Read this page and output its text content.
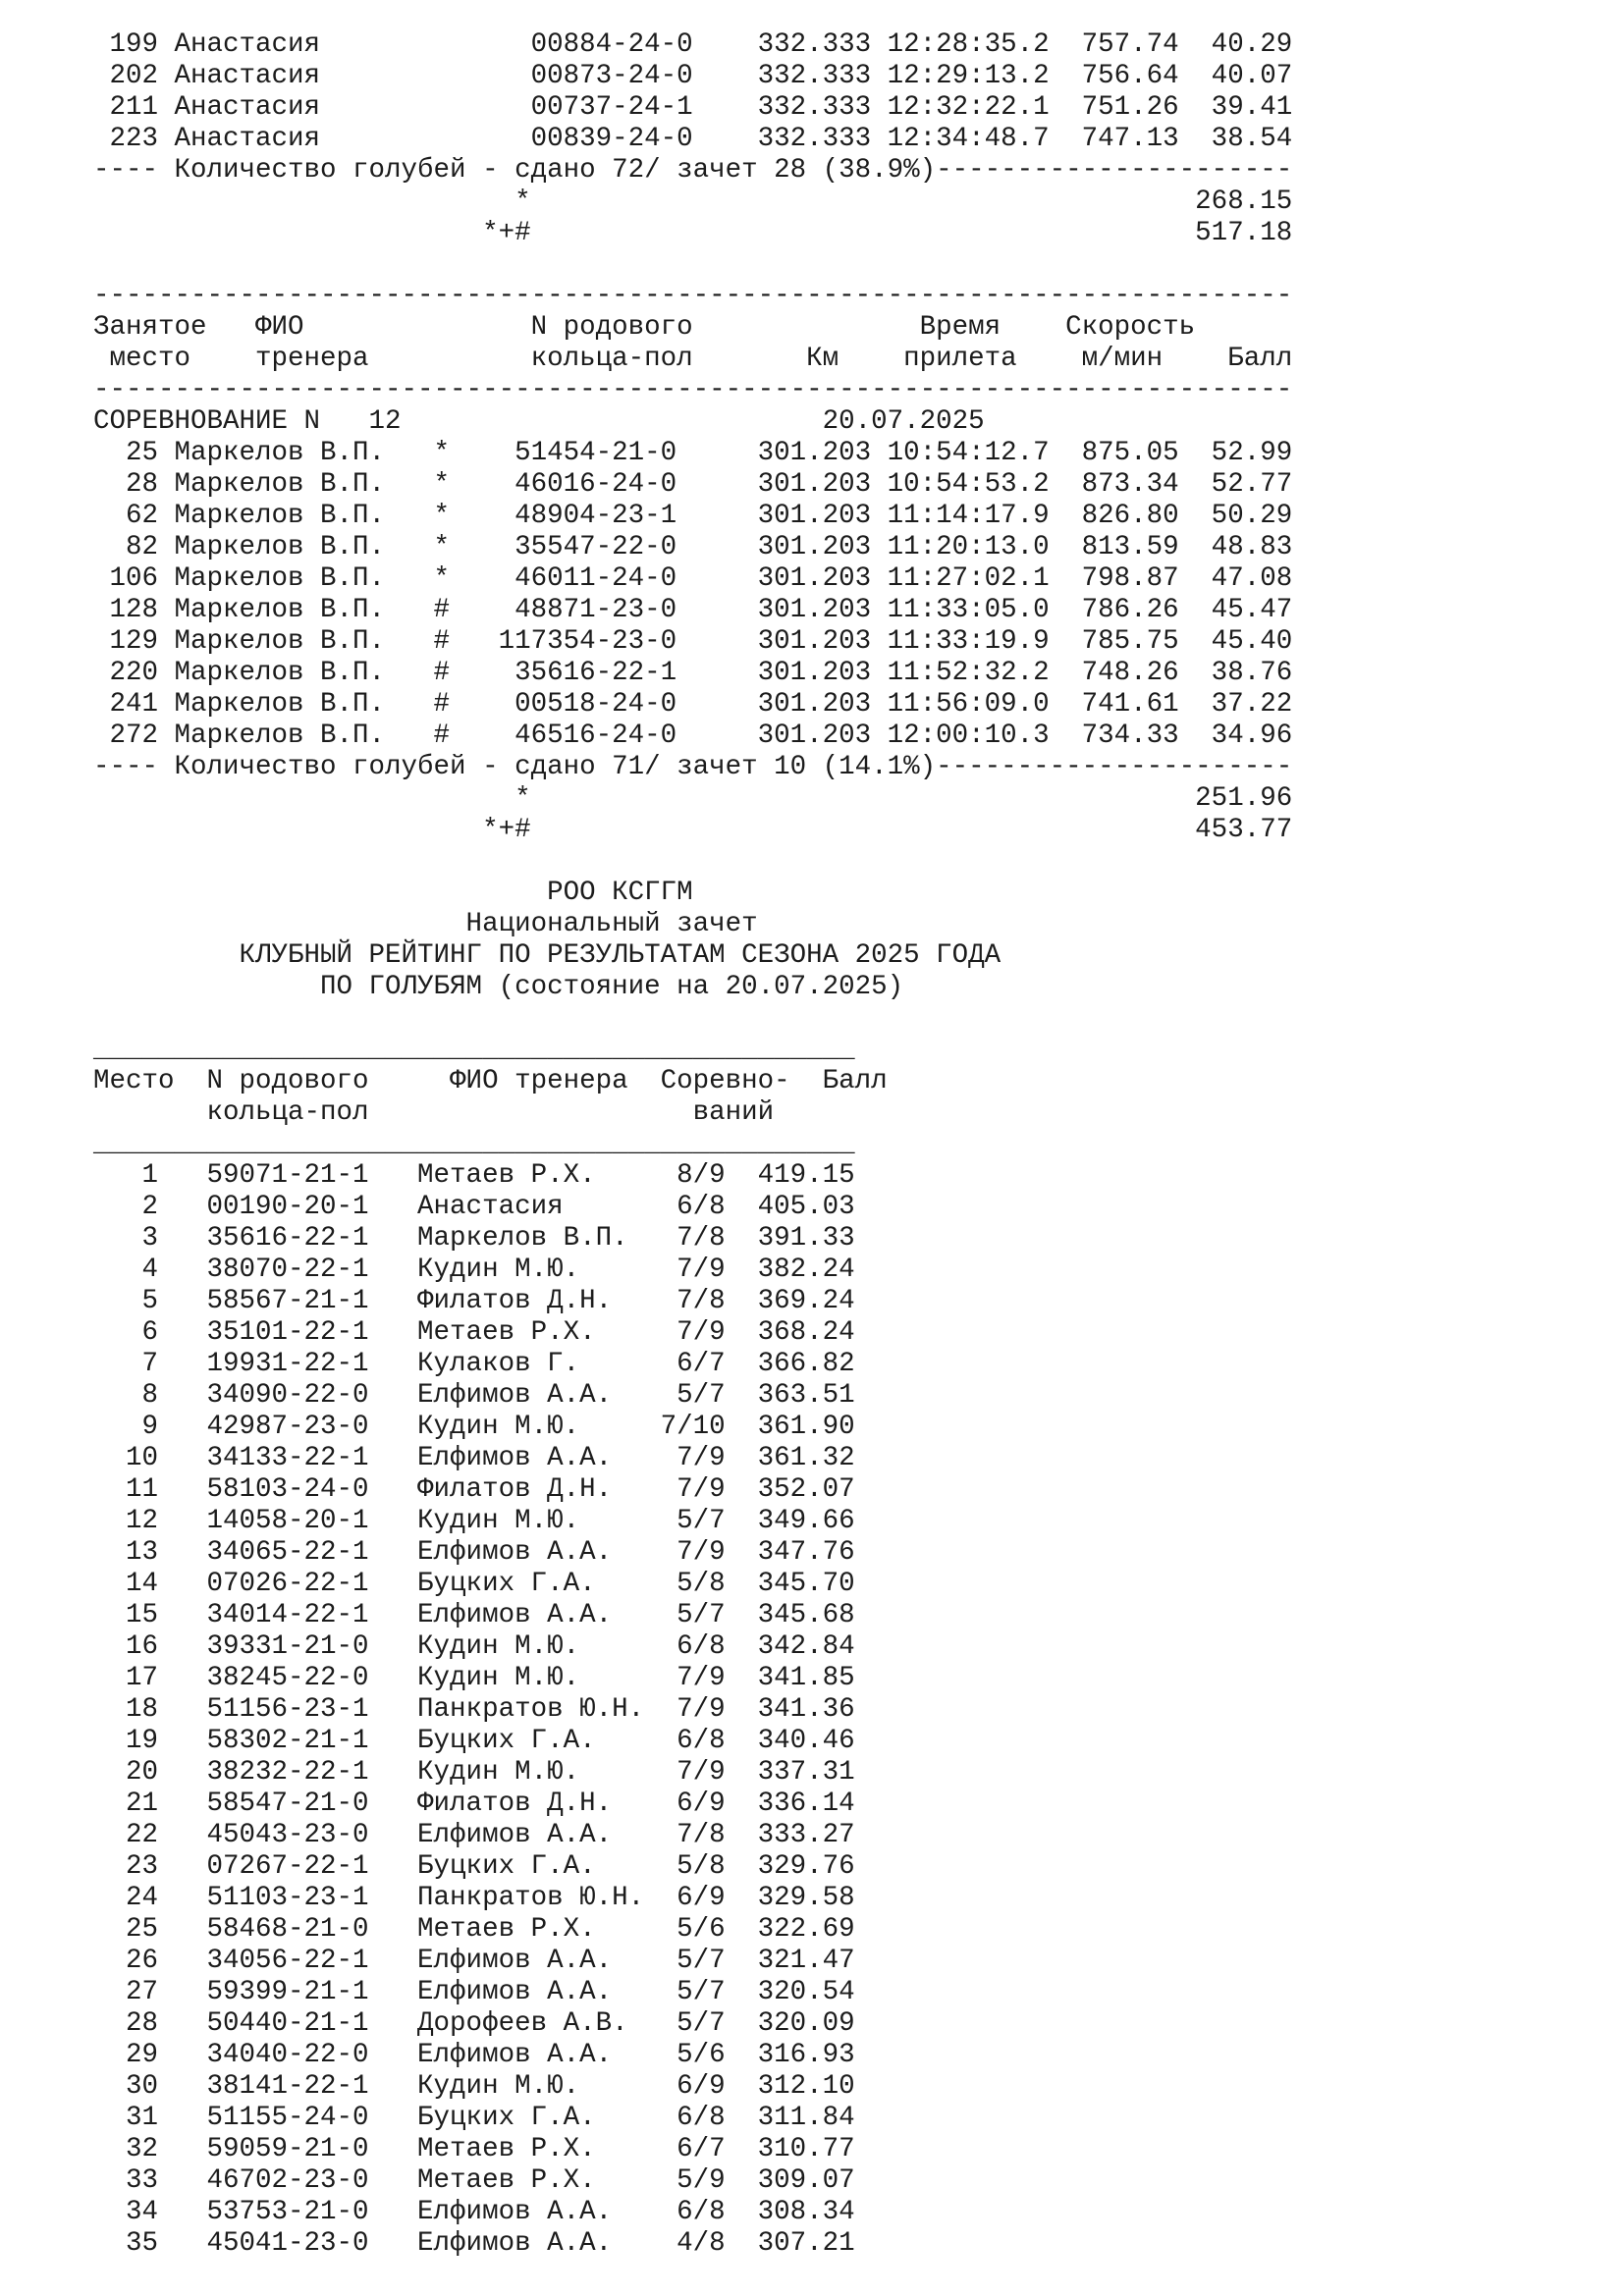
199 Анастасия             00884-24-0    332.333 12:28:35.2  757.74  40.29
202 Анастасия             00873-24-0    332.333 12:29:13.2  756.64  40.07
211 Анастасия             00737-24-1    332.333 12:32:22.1  751.26  39.41
223 Анастасия             00839-24-0    332.333 12:34:48.7  747.13  38.54
---- Количество голубей - сдано 72/ зачет 28 (38.9%)----------------------
*                                         268.15
*+#                                         517.18
--------------------------------------------------------------------------
Занятое   ФИО              N родового              Время    Скорость
место    тренера          кольца-пол       Км    прилета    м/мин    Балл
--------------------------------------------------------------------------
СОРЕВНОВАНИЕ N   12                          20.07.2025
25 Маркелов В.П.   *    51454-21-0     301.203 10:54:12.7  875.05  52.99
28 Маркелов В.П.   *    46016-24-0     301.203 10:54:53.2  873.34  52.77
62 Маркелов В.П.   *    48904-23-1     301.203 11:14:17.9  826.80  50.29
82 Маркелов В.П.   *    35547-22-0     301.203 11:20:13.0  813.59  48.83
106 Маркелов В.П.   *    46011-24-0     301.203 11:27:02.1  798.87  47.08
128 Маркелов В.П.   #    48871-23-0     301.203 11:33:05.0  786.26  45.47
129 Маркелов В.П.   #   117354-23-0     301.203 11:33:19.9  785.75  45.40
220 Маркелов В.П.   #    35616-22-1     301.203 11:52:32.2  748.26  38.76
241 Маркелов В.П.   #    00518-24-0     301.203 11:56:09.0  741.61  37.22
272 Маркелов В.П.   #    46516-24-0     301.203 12:00:10.3  734.33  34.96
---- Количество голубей - сдано 71/ зачет 10 (14.1%)----------------------
*                                         251.96
*+#                                         453.77
РОО КСГГМ
Национальный зачет
КЛУБНЫЙ РЕЙТИНГ ПО РЕЗУЛЬТАТАМ СЕЗОНА 2025 ГОДА
ПО ГОЛУБЯМ (состояние на 20.07.2025)
_______________________________________________
Место  N родового     ФИО тренера  Соревно-  Балл
кольца-пол                    ваний
_______________________________________________
1   59071-21-1   Метаев Р.Х.     8/9  419.15
2   00190-20-1   Анастасия       6/8  405.03
3   35616-22-1   Маркелов В.П.   7/8  391.33
4   38070-22-1   Кудин М.Ю.      7/9  382.24
5   58567-21-1   Филатов Д.Н.    7/8  369.24
6   35101-22-1   Метаев Р.Х.     7/9  368.24
7   19931-22-1   Кулаков Г.      6/7  366.82
8   34090-22-0   Елфимов А.А.    5/7  363.51
9   42987-23-0   Кудин М.Ю.     7/10  361.90
10   34133-22-1   Елфимов А.А.    7/9  361.32
11   58103-24-0   Филатов Д.Н.    7/9  352.07
12   14058-20-1   Кудин М.Ю.      5/7  349.66
13   34065-22-1   Елфимов А.А.    7/9  347.76
14   07026-22-1   Буцких Г.А.     5/8  345.70
15   34014-22-1   Елфимов А.А.    5/7  345.68
16   39331-21-0   Кудин М.Ю.      6/8  342.84
17   38245-22-0   Кудин М.Ю.      7/9  341.85
18   51156-23-1   Панкратов Ю.Н.  7/9  341.36
19   58302-21-1   Буцких Г.А.     6/8  340.46
20   38232-22-1   Кудин М.Ю.      7/9  337.31
21   58547-21-0   Филатов Д.Н.    6/9  336.14
22   45043-23-0   Елфимов А.А.    7/8  333.27
23   07267-22-1   Буцких Г.А.     5/8  329.76
24   51103-23-1   Панкратов Ю.Н.  6/9  329.58
25   58468-21-0   Метаев Р.Х.     5/6  322.69
26   34056-22-1   Елфимов А.А.    5/7  321.47
27   59399-21-1   Елфимов А.А.    5/7  320.54
28   50440-21-1   Дорофеев А.В.   5/7  320.09
29   34040-22-0   Елфимов А.А.    5/6  316.93
30   38141-22-1   Кудин М.Ю.      6/9  312.10
31   51155-24-0   Буцких Г.А.     6/8  311.84
32   59059-21-0   Метаев Р.Х.     6/7  310.77
33   46702-23-0   Метаев Р.Х.     5/9  309.07
34   53753-21-0   Елфимов А.А.    6/8  308.34
35   45041-23-0   Елфимов А.А.    4/8  307.21
